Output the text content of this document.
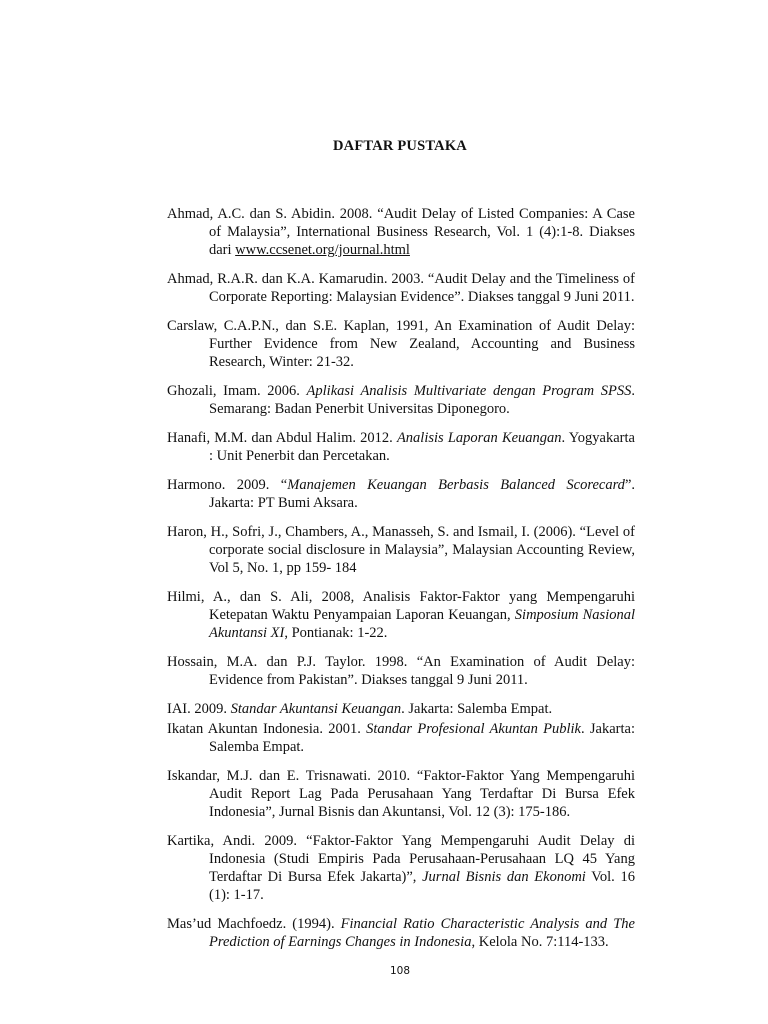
DAFTAR PUSTAKA

Ahmad, A.C. dan S. Abidin. 2008. “Audit Delay of Listed Companies: A Case of Malaysia”, International Business Research, Vol. 1 (4):1-8. Diakses dari www.ccsenet.org/journal.html

Ahmad, R.A.R. dan K.A. Kamarudin. 2003. “Audit Delay and the Timeliness of Corporate Reporting: Malaysian Evidence”. Diakses tanggal 9 Juni 2011.

Carslaw, C.A.P.N., dan S.E. Kaplan, 1991, An Examination of Audit Delay: Further Evidence from New Zealand, Accounting and Business Research, Winter: 21-32.

Ghozali, Imam. 2006. Aplikasi Analisis Multivariate dengan Program SPSS. Semarang: Badan Penerbit Universitas Diponegoro.

Hanafi, M.M. dan Abdul Halim. 2012. Analisis Laporan Keuangan. Yogyakarta : Unit Penerbit dan Percetakan.

Harmono. 2009. “Manajemen Keuangan Berbasis Balanced Scorecard”. Jakarta: PT Bumi Aksara.

Haron, H., Sofri, J., Chambers, A., Manasseh, S. and Ismail, I. (2006). “Level of corporate social disclosure in Malaysia”, Malaysian Accounting Review, Vol 5, No. 1, pp 159- 184

Hilmi, A., dan S. Ali, 2008, Analisis Faktor-Faktor yang Mempengaruhi Ketepatan Waktu Penyampaian Laporan Keuangan, Simposium Nasional Akuntansi XI, Pontianak: 1-22.

Hossain, M.A. dan P.J. Taylor. 1998. “An Examination of Audit Delay: Evidence from Pakistan”. Diakses tanggal 9 Juni 2011.

IAI. 2009. Standar Akuntansi Keuangan. Jakarta: Salemba Empat.

Ikatan Akuntan Indonesia. 2001. Standar Profesional Akuntan Publik. Jakarta: Salemba Empat.

Iskandar, M.J. dan E. Trisnawati. 2010. “Faktor-Faktor Yang Mempengaruhi Audit Report Lag Pada Perusahaan Yang Terdaftar Di Bursa Efek Indonesia”, Jurnal Bisnis dan Akuntansi, Vol. 12 (3): 175-186.

Kartika, Andi. 2009. “Faktor-Faktor Yang Mempengaruhi Audit Delay di Indonesia (Studi Empiris Pada Perusahaan-Perusahaan LQ 45 Yang Terdaftar Di Bursa Efek Jakarta)”, Jurnal Bisnis dan Ekonomi Vol. 16 (1): 1-17.

Mas’ud Machfoedz. (1994). Financial Ratio Characteristic Analysis and The Prediction of Earnings Changes in Indonesia, Kelola No. 7:114-133.

108
